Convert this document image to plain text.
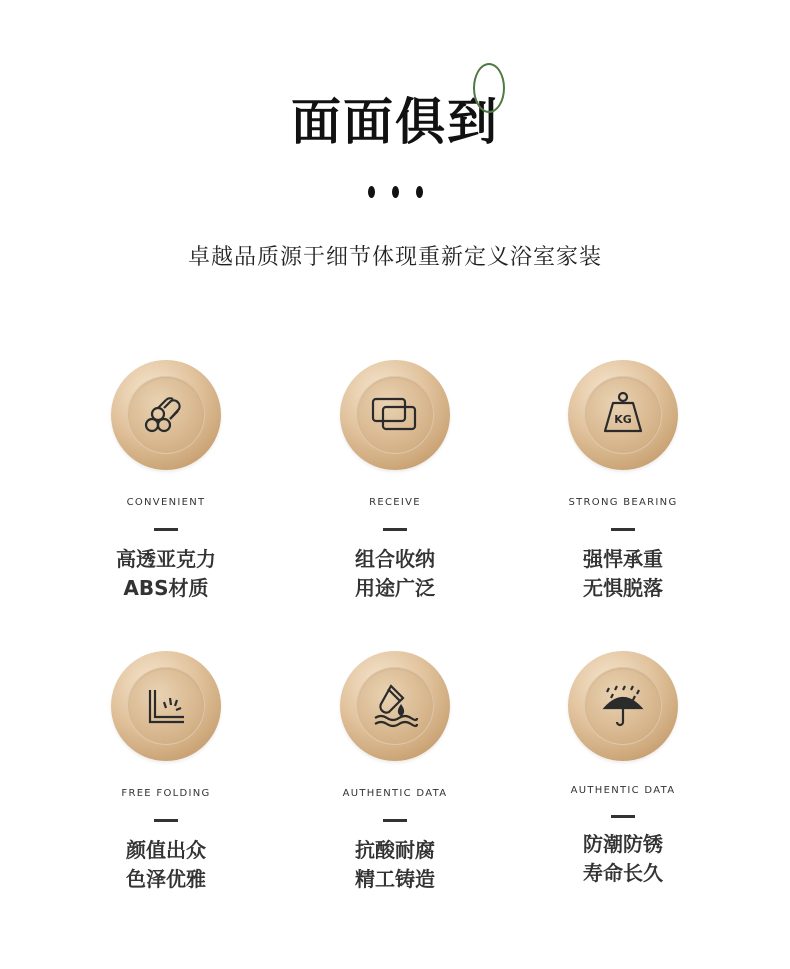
面面俱到
卓越品质源于细节体现重新定义浴室家装
CONVENIENT
高透亚克力
ABS材质
RECEIVE
组合收纳
用途广泛
KG
STRONG BEARING
强悍承重
无惧脱落
FREE FOLDING
颜值出众
色泽优雅
AUTHENTIC DATA
抗酸耐腐
精工铸造
AUTHENTIC DATA
防潮防锈
寿命长久
